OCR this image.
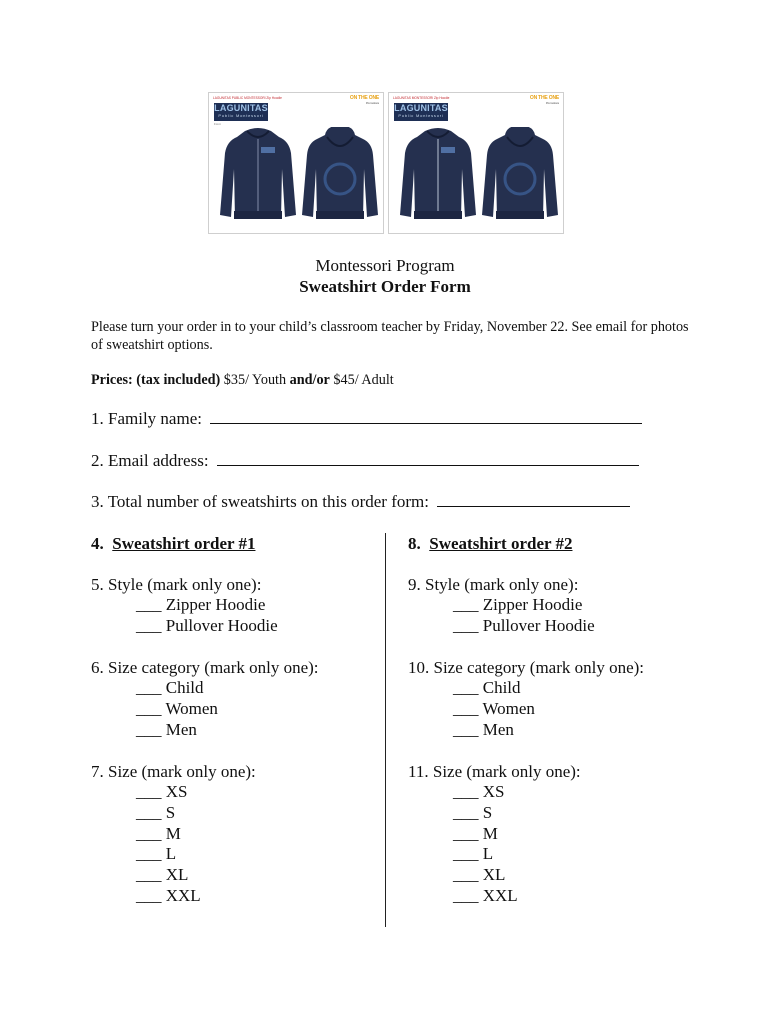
LAGUNITAS PUBLIC MONTESSORI Zip Hoodie	ON THE ONE
Promotions
LAGUNITAS
Public Montessori
Front
LAGUNITAS MONTESSORI Zip Hoodie	ON THE ONE
Promotions
LAGUNITAS
Public Montessori
Montessori Program
Sweatshirt Order Form
Please turn your order in to your child’s classroom teacher by Friday, November 22. See email for photos of sweatshirt options.
Prices: (tax included) $35/ Youth and/or $45/ Adult
1. Family name:
2. Email address:
3. Total number of sweatshirts on this order form:
4. Sweatshirt order #1
5. Style (mark only one):
___ Zipper Hoodie
___ Pullover Hoodie
6. Size category (mark only one):
___ Child
___ Women
___ Men
7. Size (mark only one):
___ XS
___ S
___ M
___ L
___ XL
___ XXL
8. Sweatshirt order #2
9. Style (mark only one):
___ Zipper Hoodie
___ Pullover Hoodie
10. Size category (mark only one):
___ Child
___ Women
___ Men
11. Size (mark only one):
___ XS
___ S
___ M
___ L
___ XL
___ XXL
